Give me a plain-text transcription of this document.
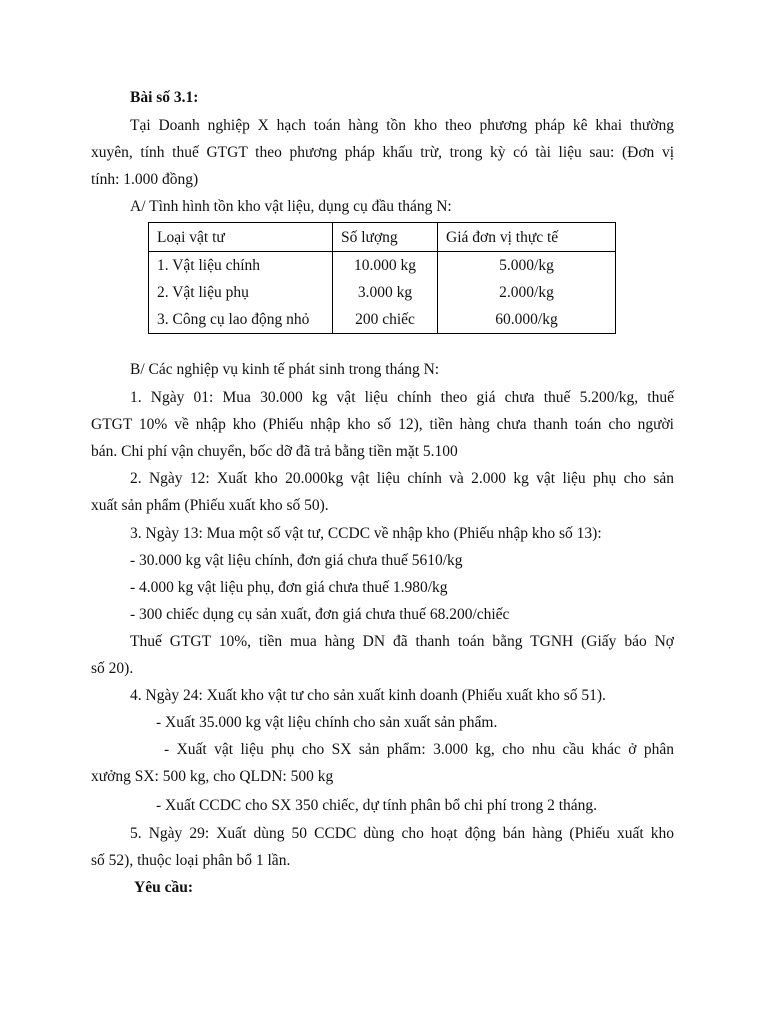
Bài số 3.1:
Tại Doanh nghiệp X hạch toán hàng tồn kho theo phương pháp kê khai thường
xuyên, tính thuế GTGT theo phương pháp khấu trừ, trong kỳ có tài liệu sau: (Đơn vị
tính: 1.000 đồng)
A/ Tình hình tồn kho vật liệu, dụng cụ đầu tháng N:
Loại vật tư	Số lượng	Giá đơn vị thực tế
1. Vật liệu chính	10.000 kg	5.000/kg
2. Vật liệu phụ	3.000 kg	2.000/kg
3. Công cụ lao động nhỏ	200 chiếc	60.000/kg
B/ Các nghiệp vụ kinh tế phát sinh trong tháng N:
1. Ngày 01: Mua 30.000 kg vật liệu chính theo giá chưa thuế 5.200/kg, thuế
GTGT 10% về nhập kho (Phiếu nhập kho số 12), tiền hàng chưa thanh toán cho người
bán. Chi phí vận chuyển, bốc dỡ đã trả bằng tiền mặt 5.100
2. Ngày 12: Xuất kho 20.000kg vật liệu chính và 2.000 kg vật liệu phụ cho sản
xuất sản phẩm (Phiếu xuất kho số 50).
3. Ngày 13: Mua một số vật tư, CCDC về nhập kho (Phiếu nhập kho số 13):
- 30.000 kg vật liệu chính, đơn giá chưa thuế 5610/kg
- 4.000 kg vật liệu phụ, đơn giá chưa thuế 1.980/kg
- 300 chiếc dụng cụ sản xuất, đơn giá chưa thuế 68.200/chiếc
Thuế GTGT 10%, tiền mua hàng DN đã thanh toán bằng TGNH (Giấy báo Nợ
số 20).
4. Ngày 24: Xuất kho vật tư cho sản xuất kinh doanh (Phiếu xuất kho số 51).
- Xuất 35.000 kg vật liệu chính cho sản xuất sản phẩm.
- Xuất vật liệu phụ cho SX sản phẩm: 3.000 kg, cho nhu cầu khác ở phân
xưởng SX: 500 kg, cho QLDN: 500 kg
- Xuất CCDC cho SX 350 chiếc, dự tính phân bổ chi phí trong 2 tháng.
5. Ngày 29: Xuất dùng 50 CCDC dùng cho hoạt động bán hàng (Phiếu xuất kho
số 52), thuộc loại phân bổ 1 lần.
Yêu cầu:
